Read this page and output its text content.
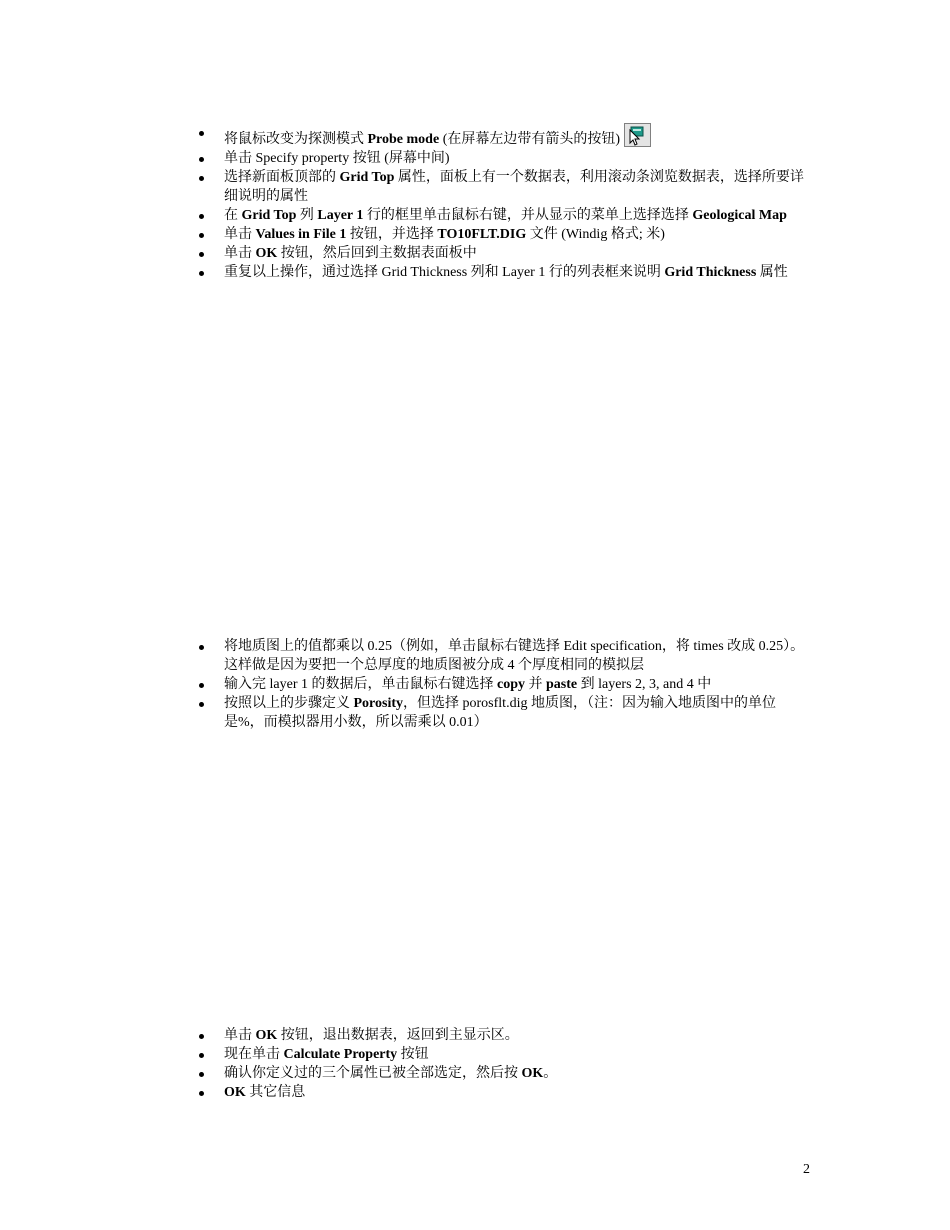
将鼠标改变为探测模式 Probe mode (在屏幕左边带有箭头的按钮)
单击 Specify property 按钮 (屏幕中间)
选择新面板顶部的 Grid Top 属性，面板上有一个数据表，利用滚动条浏览数据表，选择所要详细说明的属性
在 Grid Top 列 Layer 1 行的框里单击鼠标右键，并从显示的菜单上选择选择 Geological Map
单击 Values in File 1 按钮，并选择 TO10FLT.DIG 文件 (Windig 格式; 米)
单击 OK 按钮，然后回到主数据表面板中
重复以上操作，通过选择 Grid Thickness 列和 Layer 1 行的列表框来说明 Grid Thickness 属性
将地质图上的值都乘以 0.25（例如，单击鼠标右键选择 Edit specification，将 times 改成 0.25）。这样做是因为要把一个总厚度的地质图被分成 4 个厚度相同的模拟层
输入完 layer 1 的数据后，单击鼠标右键选择 copy 并 paste 到 layers 2, 3, and 4 中
按照以上的步骤定义 Porosity，但选择 porosflt.dig 地质图，（注：因为输入地质图中的单位是%，而模拟器用小数，所以需乘以 0.01）
单击 OK 按钮，退出数据表，返回到主显示区。
现在单击 Calculate Property 按钮
确认你定义过的三个属性已被全部选定，然后按 OK。
OK 其它信息
2
